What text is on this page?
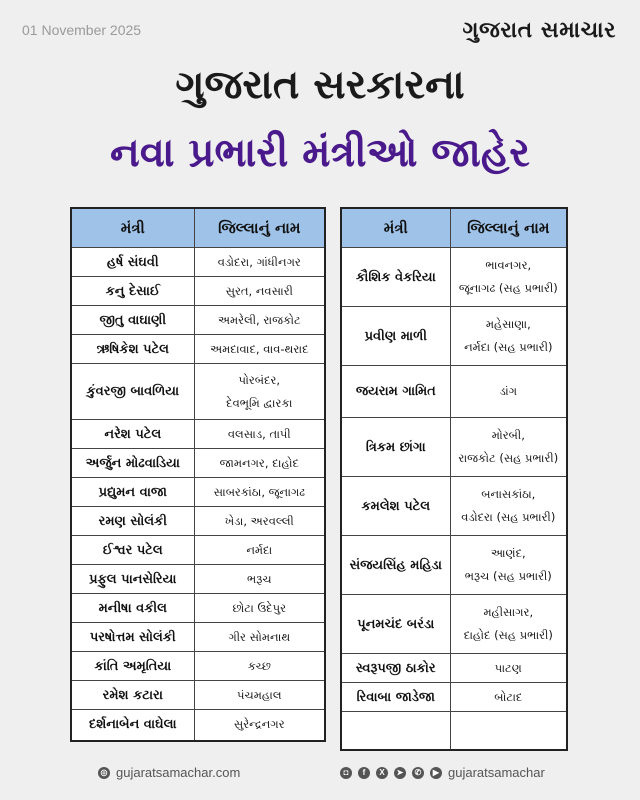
01 November 2025	ગુજરાત સમાચાર
ગુજરાત સરકારના
નવા પ્રભારી મંત્રીઓ જાહેર
મંત્રી	જિલ્લાનું નામ
હર્ષ સંઘવી	વડોદરા, ગાંધીનગર

કનુ દેસાઈ	સુરત, નવસારી

જીતુ વાઘાણી	અમરેલી, રાજકોટ

ઋષિકેશ પટેલ	અમદાવાદ, વાવ-થરાદ

કુંવરજી બાવળિયા	પોરબંદર,
દેવભૂમિ દ્વારકા

નરેશ પટેલ	વલસાડ, તાપી

અર્જુન મોઢવાડિયા	જામનગર, દાહોદ

પ્રદ્યુમન વાજા	સાબરકાંઠા, જૂનાગઢ

રમણ સોલંકી	ખેડા, અરવલ્લી

ઈશ્વર પટેલ	નર્મદા

પ્રફુલ પાનસેરિયા	ભરૂચ

મનીષા વકીલ	છોટા ઉદેપુર

પરષોત્તમ સોલંકી	ગીર સોમનાથ

કાંતિ અમૃતિયા	કચ્છ

રમેશ કટારા	પંચમહાલ

દર્શનાબેન વાઘેલા	સુરેન્દ્રનગર
મંત્રી	જિલ્લાનું નામ
કૌશિક વેકરિયા	ભાવનગર,
જૂનાગઢ (સહ પ્રભારી)

પ્રવીણ માળી	મહેસાણા,
નર્મદા (સહ પ્રભારી)

જયરામ ગામિત	ડાંગ

ત્રિકમ છાંગા	મોરબી,
રાજકોટ (સહ પ્રભારી)

કમલેશ પટેલ	બનાસકાંઠા,
વડોદરા (સહ પ્રભારી)

સંજયસિંહ મહિડા	આણંદ,
ભરૂચ (સહ પ્રભારી)

પૂનમચંદ બરંડા	મહીસાગર,
દાહોદ (સહ પ્રભારી)

સ્વરૂપજી ઠાકોર	પાટણ

રિવાબા જાડેજા	બોટાદ

◎ gujaratsamachar.com	◘	f	X	➤	✆	▶ gujaratsamachar
